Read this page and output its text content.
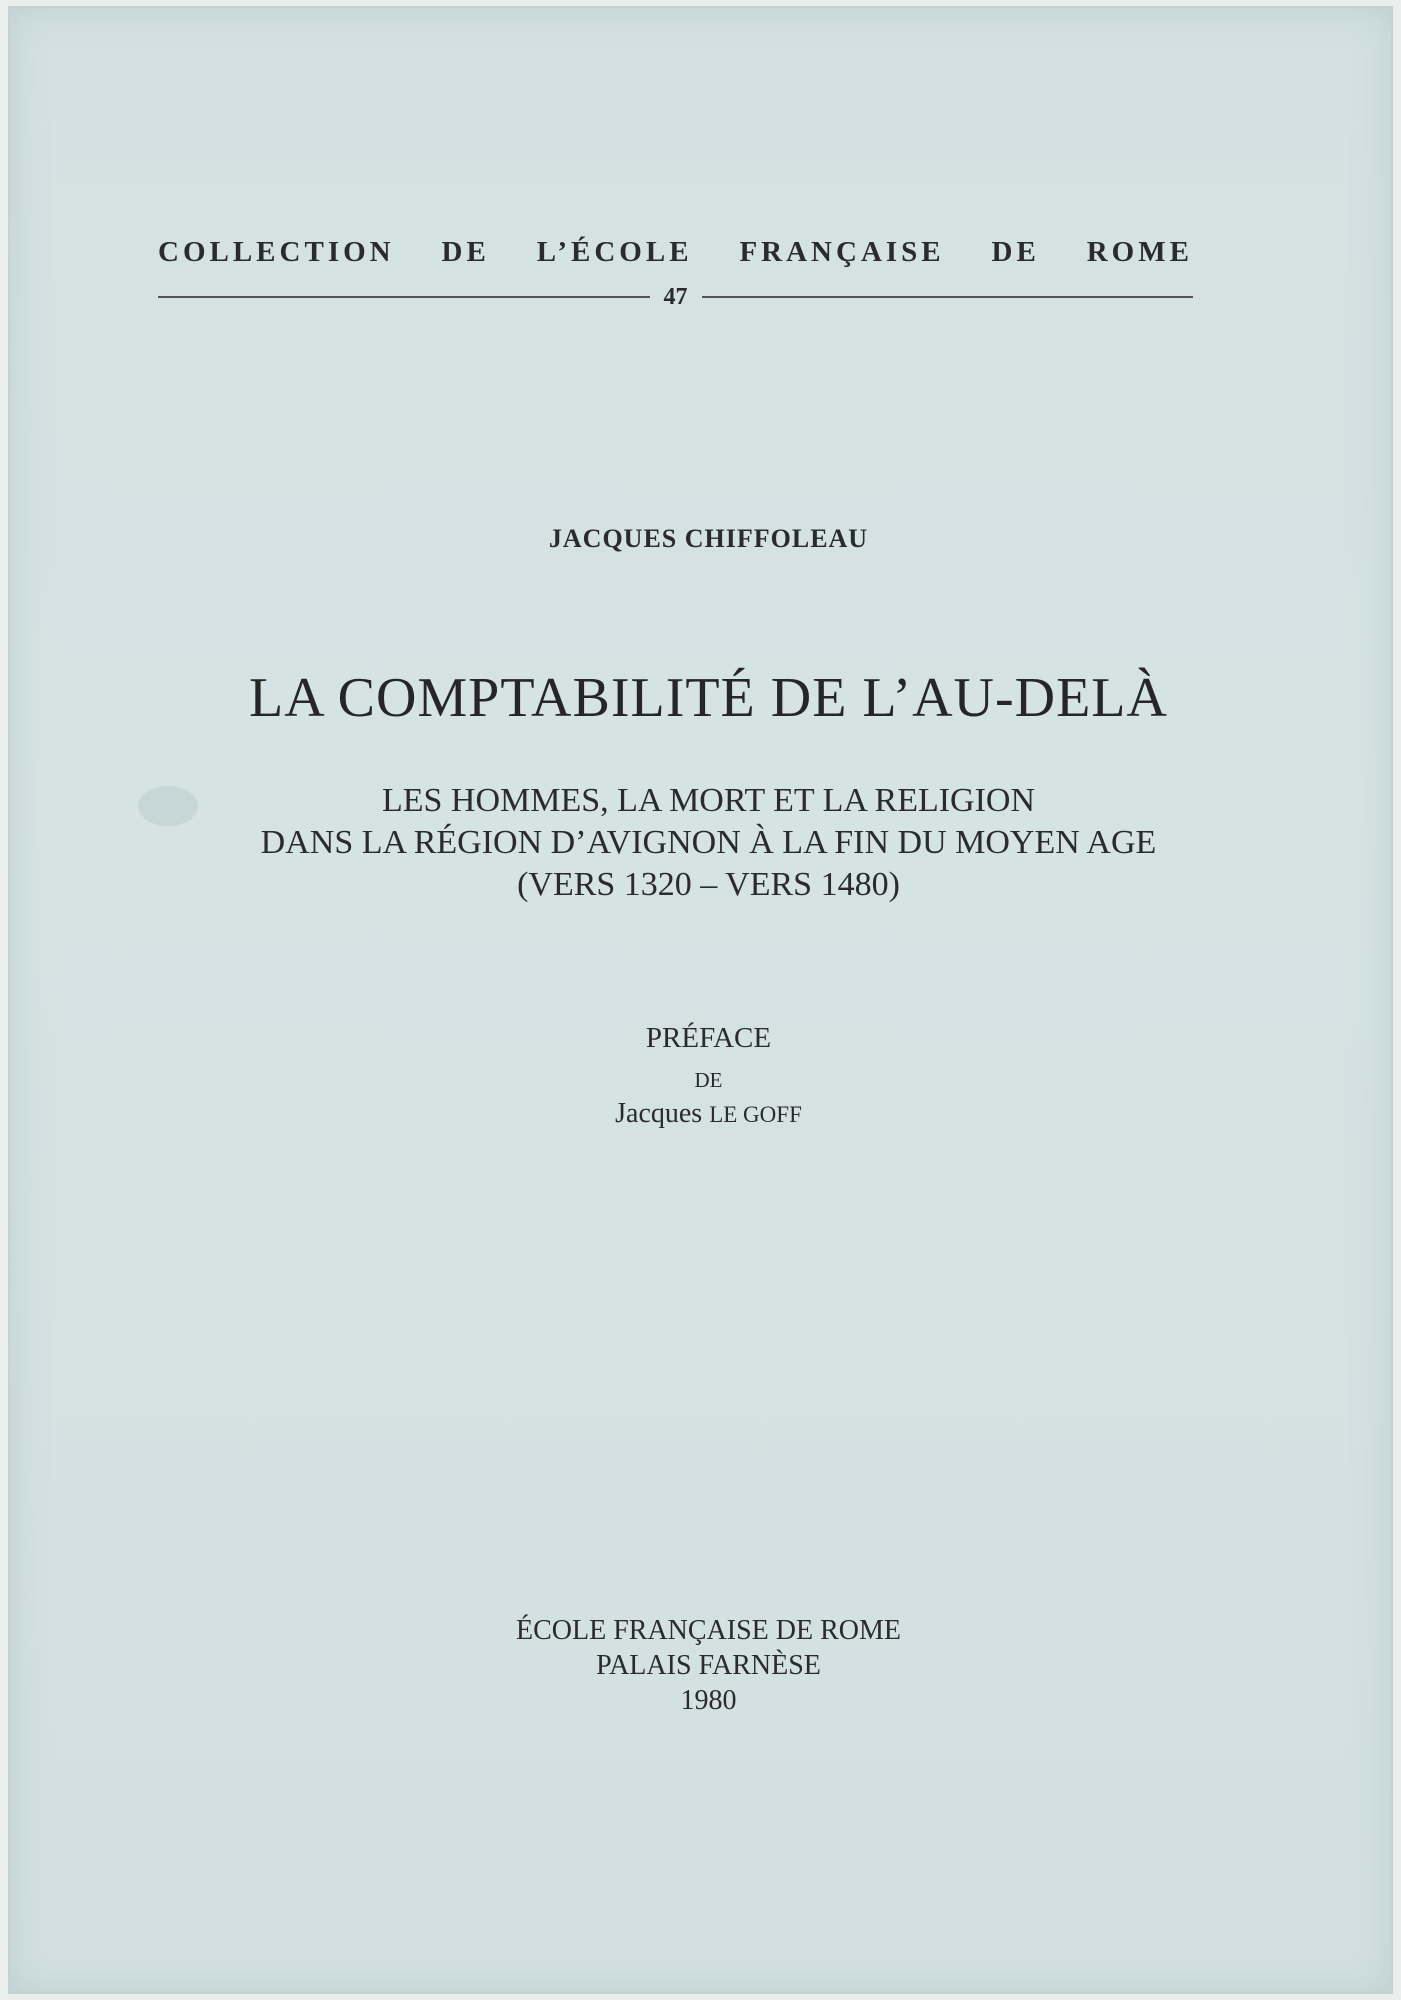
COLLECTION DE L’ÉCOLE FRANÇAISE DE ROME
47
JACQUES CHIFFOLEAU
LA COMPTABILITÉ DE L’AU-DELÀ
LES HOMMES, LA MORT ET LA RELIGION
DANS LA RÉGION D’AVIGNON À LA FIN DU MOYEN AGE
(VERS 1320 – VERS 1480)
PRÉFACE
DE
Jacques LE GOFF
ÉCOLE FRANÇAISE DE ROME
PALAIS FARNÈSE
1980
